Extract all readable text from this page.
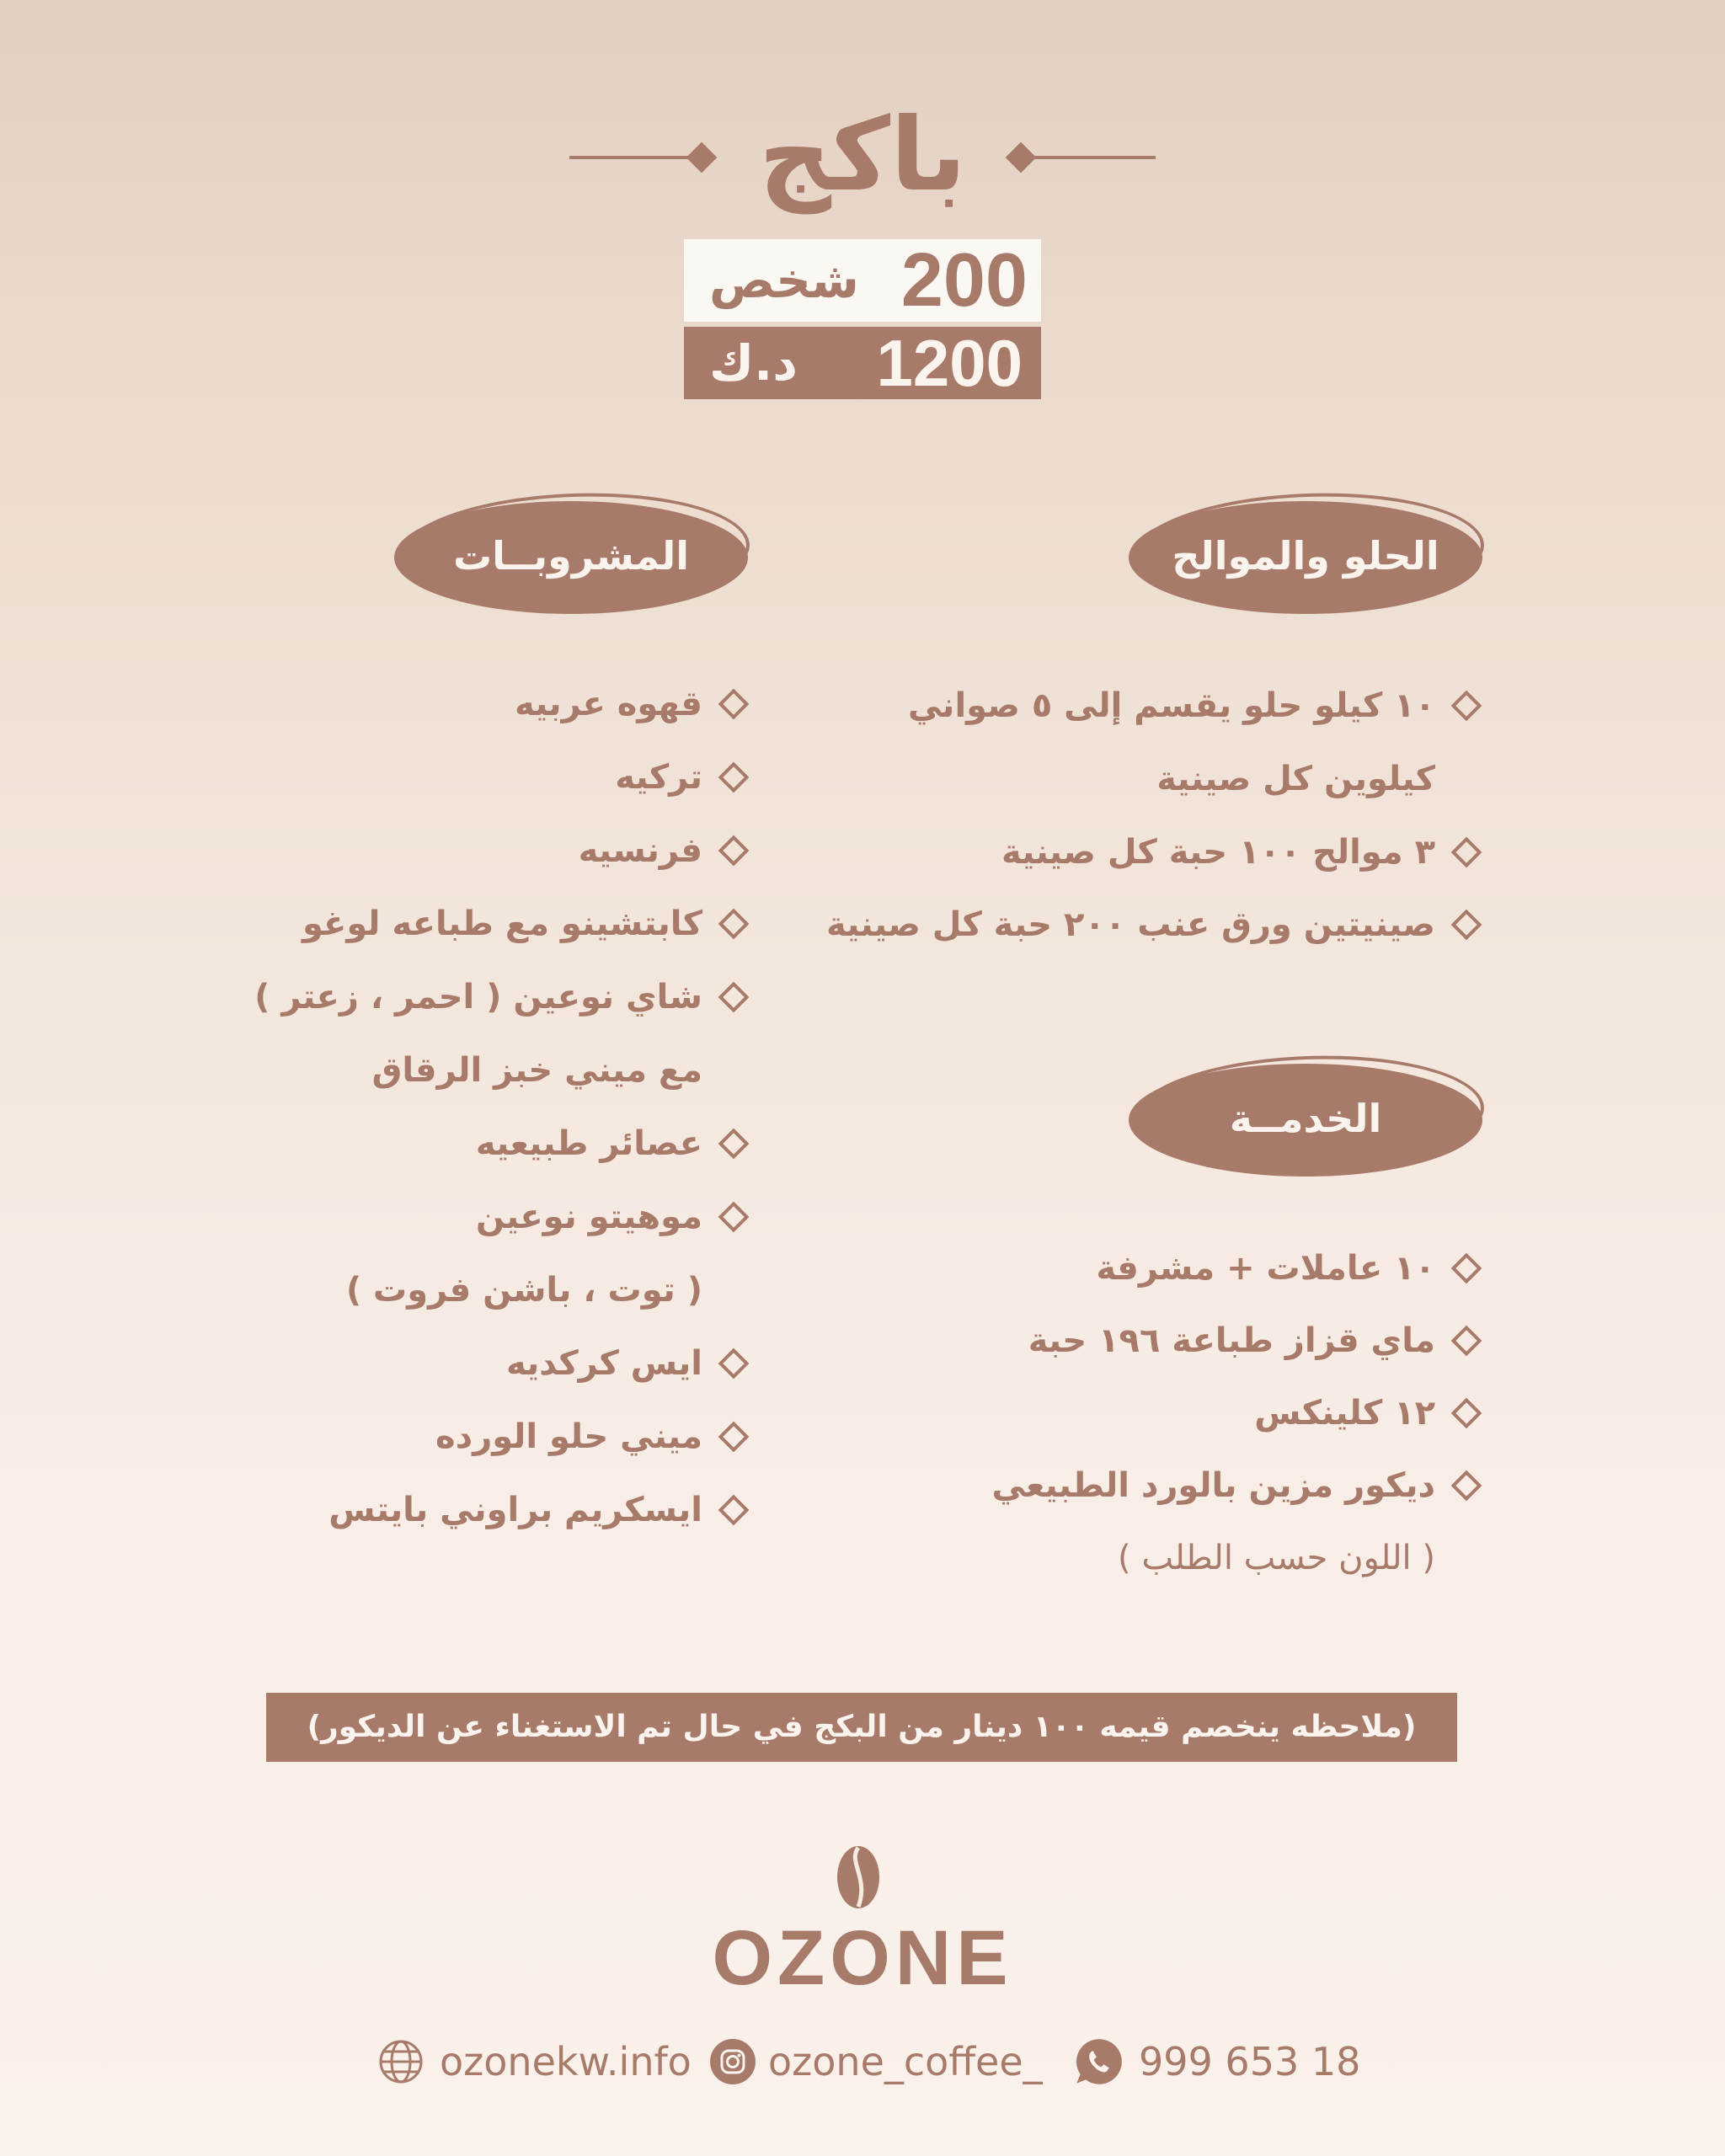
باكج
200
شخص
1200
د.ك
الحلو والموالح
المشروبــات
الخدمــة
١٠ كيلو حلو يقسم إلى ٥ صواني
كيلوين كل صينية
٣ موالح ١٠٠ حبة كل صينية
صينيتين ورق عنب ٢٠٠ حبة كل صينية
١٠ عاملات + مشرفة
ماي قزاز طباعة ١٩٦ حبة
١٢ كلينكس
ديكور مزين بالورد الطبيعي
( اللون حسب الطلب )
قهوه عربيه
تركيه
فرنسيه
كابتشينو مع طباعه لوغو
شاي نوعين ( احمر ، زعتر )
مع ميني خبز الرقاق
عصائر طبيعيه
موهيتو نوعين
( توت ، باشن فروت )
ايس كركديه
ميني حلو الورده
ايسكريم براوني بايتس
(ملاحظه ينخصم قيمه ١٠٠ دينار من البكج في حال تم الاستغناء عن الديكور)
OZONE
ozonekw.info ozone_coffee_ 999 653 18
